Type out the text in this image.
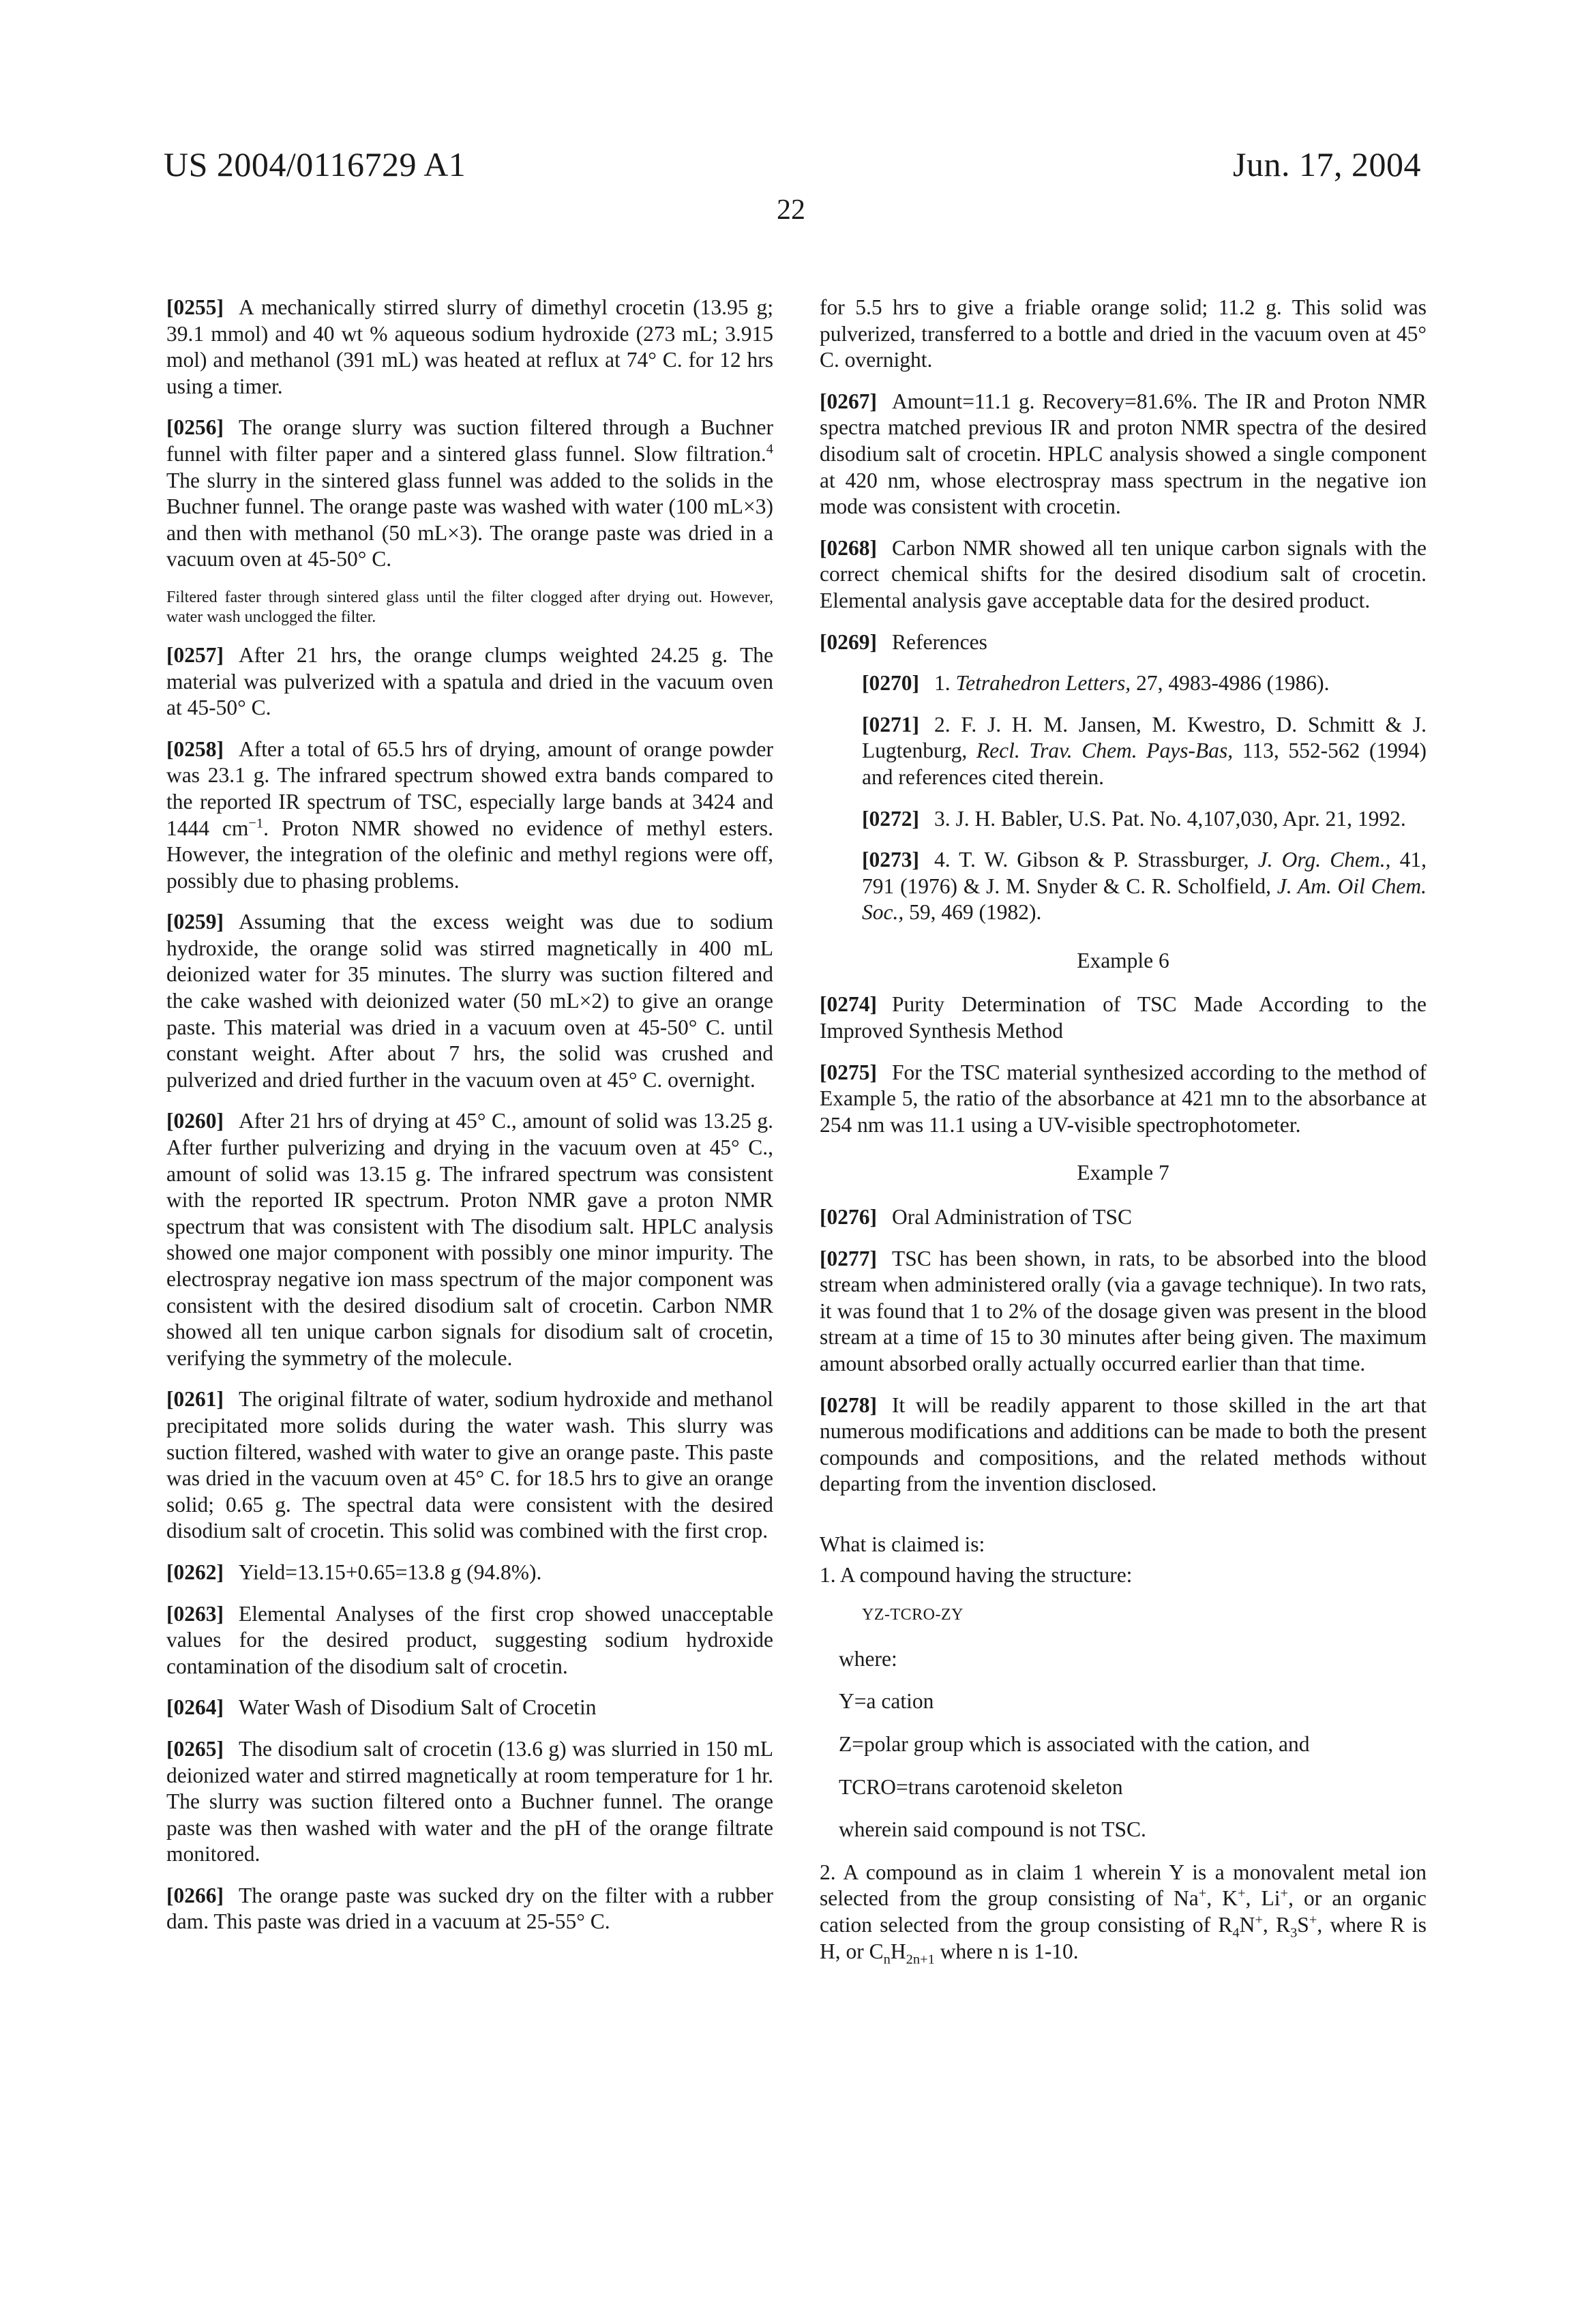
US 2004/0116729 A1	Jun. 17, 2004
22

[0255] A mechanically stirred slurry of dimethyl crocetin (13.95 g; 39.1 mmol) and 40 wt % aqueous sodium hydroxide (273 mL; 3.915 mol) and methanol (391 mL) was heated at reflux at 74° C. for 12 hrs using a timer.

[0256] The orange slurry was suction filtered through a Buchner funnel with filter paper and a sintered glass funnel. Slow filtration.4 The slurry in the sintered glass funnel was added to the solids in the Buchner funnel. The orange paste was washed with water (100 mL×3) and then with methanol (50 mL×3). The orange paste was dried in a vacuum oven at 45-50° C.

Filtered faster through sintered glass until the filter clogged after drying out. However, water wash unclogged the filter.

[0257] After 21 hrs, the orange clumps weighted 24.25 g. The material was pulverized with a spatula and dried in the vacuum oven at 45-50° C.

[0258] After a total of 65.5 hrs of drying, amount of orange powder was 23.1 g. The infrared spectrum showed extra bands compared to the reported IR spectrum of TSC, especially large bands at 3424 and 1444 cm−1. Proton NMR showed no evidence of methyl esters. However, the integration of the olefinic and methyl regions were off, possibly due to phasing problems.

[0259] Assuming that the excess weight was due to sodium hydroxide, the orange solid was stirred magnetically in 400 mL deionized water for 35 minutes. The slurry was suction filtered and the cake washed with deionized water (50 mL×2) to give an orange paste. This material was dried in a vacuum oven at 45-50° C. until constant weight. After about 7 hrs, the solid was crushed and pulverized and dried further in the vacuum oven at 45° C. overnight.

[0260] After 21 hrs of drying at 45° C., amount of solid was 13.25 g. After further pulverizing and drying in the vacuum oven at 45° C., amount of solid was 13.15 g. The infrared spectrum was consistent with the reported IR spectrum. Proton NMR gave a proton NMR spectrum that was consistent with The disodium salt. HPLC analysis showed one major component with possibly one minor impurity. The electrospray negative ion mass spectrum of the major component was consistent with the desired disodium salt of crocetin. Carbon NMR showed all ten unique carbon signals for disodium salt of crocetin, verifying the symmetry of the molecule.

[0261] The original filtrate of water, sodium hydroxide and methanol precipitated more solids during the water wash. This slurry was suction filtered, washed with water to give an orange paste. This paste was dried in the vacuum oven at 45° C. for 18.5 hrs to give an orange solid; 0.65 g. The spectral data were consistent with the desired disodium salt of crocetin. This solid was combined with the first crop.

[0262] Yield=13.15+0.65=13.8 g (94.8%).

[0263] Elemental Analyses of the first crop showed unacceptable values for the desired product, suggesting sodium hydroxide contamination of the disodium salt of crocetin.

[0264] Water Wash of Disodium Salt of Crocetin

[0265] The disodium salt of crocetin (13.6 g) was slurried in 150 mL deionized water and stirred magnetically at room temperature for 1 hr. The slurry was suction filtered onto a Buchner funnel. The orange paste was then washed with water and the pH of the orange filtrate monitored.

[0266] The orange paste was sucked dry on the filter with a rubber dam. This paste was dried in a vacuum at 25-55° C.

for 5.5 hrs to give a friable orange solid; 11.2 g. This solid was pulverized, transferred to a bottle and dried in the vacuum oven at 45° C. overnight.

[0267] Amount=11.1 g. Recovery=81.6%. The IR and Proton NMR spectra matched previous IR and proton NMR spectra of the desired disodium salt of crocetin. HPLC analysis showed a single component at 420 nm, whose electrospray mass spectrum in the negative ion mode was consistent with crocetin.

[0268] Carbon NMR showed all ten unique carbon signals with the correct chemical shifts for the desired disodium salt of crocetin. Elemental analysis gave acceptable data for the desired product.

[0269] References

[0270] 1. Tetrahedron Letters, 27, 4983-4986 (1986).

[0271] 2. F. J. H. M. Jansen, M. Kwestro, D. Schmitt & J. Lugtenburg, Recl. Trav. Chem. Pays-Bas, 113, 552-562 (1994) and references cited therein.

[0272] 3. J. H. Babler, U.S. Pat. No. 4,107,030, Apr. 21, 1992.

[0273] 4. T. W. Gibson & P. Strassburger, J. Org. Chem., 41, 791 (1976) & J. M. Snyder & C. R. Scholfield, J. Am. Oil Chem. Soc., 59, 469 (1982).

Example 6

[0274] Purity Determination of TSC Made According to the Improved Synthesis Method

[0275] For the TSC material synthesized according to the method of Example 5, the ratio of the absorbance at 421 mn to the absorbance at 254 nm was 11.1 using a UV-visible spectrophotometer.

Example 7

[0276] Oral Administration of TSC

[0277] TSC has been shown, in rats, to be absorbed into the blood stream when administered orally (via a gavage technique). In two rats, it was found that 1 to 2% of the dosage given was present in the blood stream at a time of 15 to 30 minutes after being given. The maximum amount absorbed orally actually occurred earlier than that time.

[0278] It will be readily apparent to those skilled in the art that numerous modifications and additions can be made to both the present compounds and compositions, and the related methods without departing from the invention disclosed.

What is claimed is:

1. A compound having the structure:

YZ-TCRO-ZY

where:

Y=a cation

Z=polar group which is associated with the cation, and

TCRO=trans carotenoid skeleton

wherein said compound is not TSC.

2. A compound as in claim 1 wherein Y is a monovalent metal ion selected from the group consisting of Na+, K+, Li+, or an organic cation selected from the group consisting of R4N+, R3S+, where R is H, or CnH2n+1 where n is 1-10.
